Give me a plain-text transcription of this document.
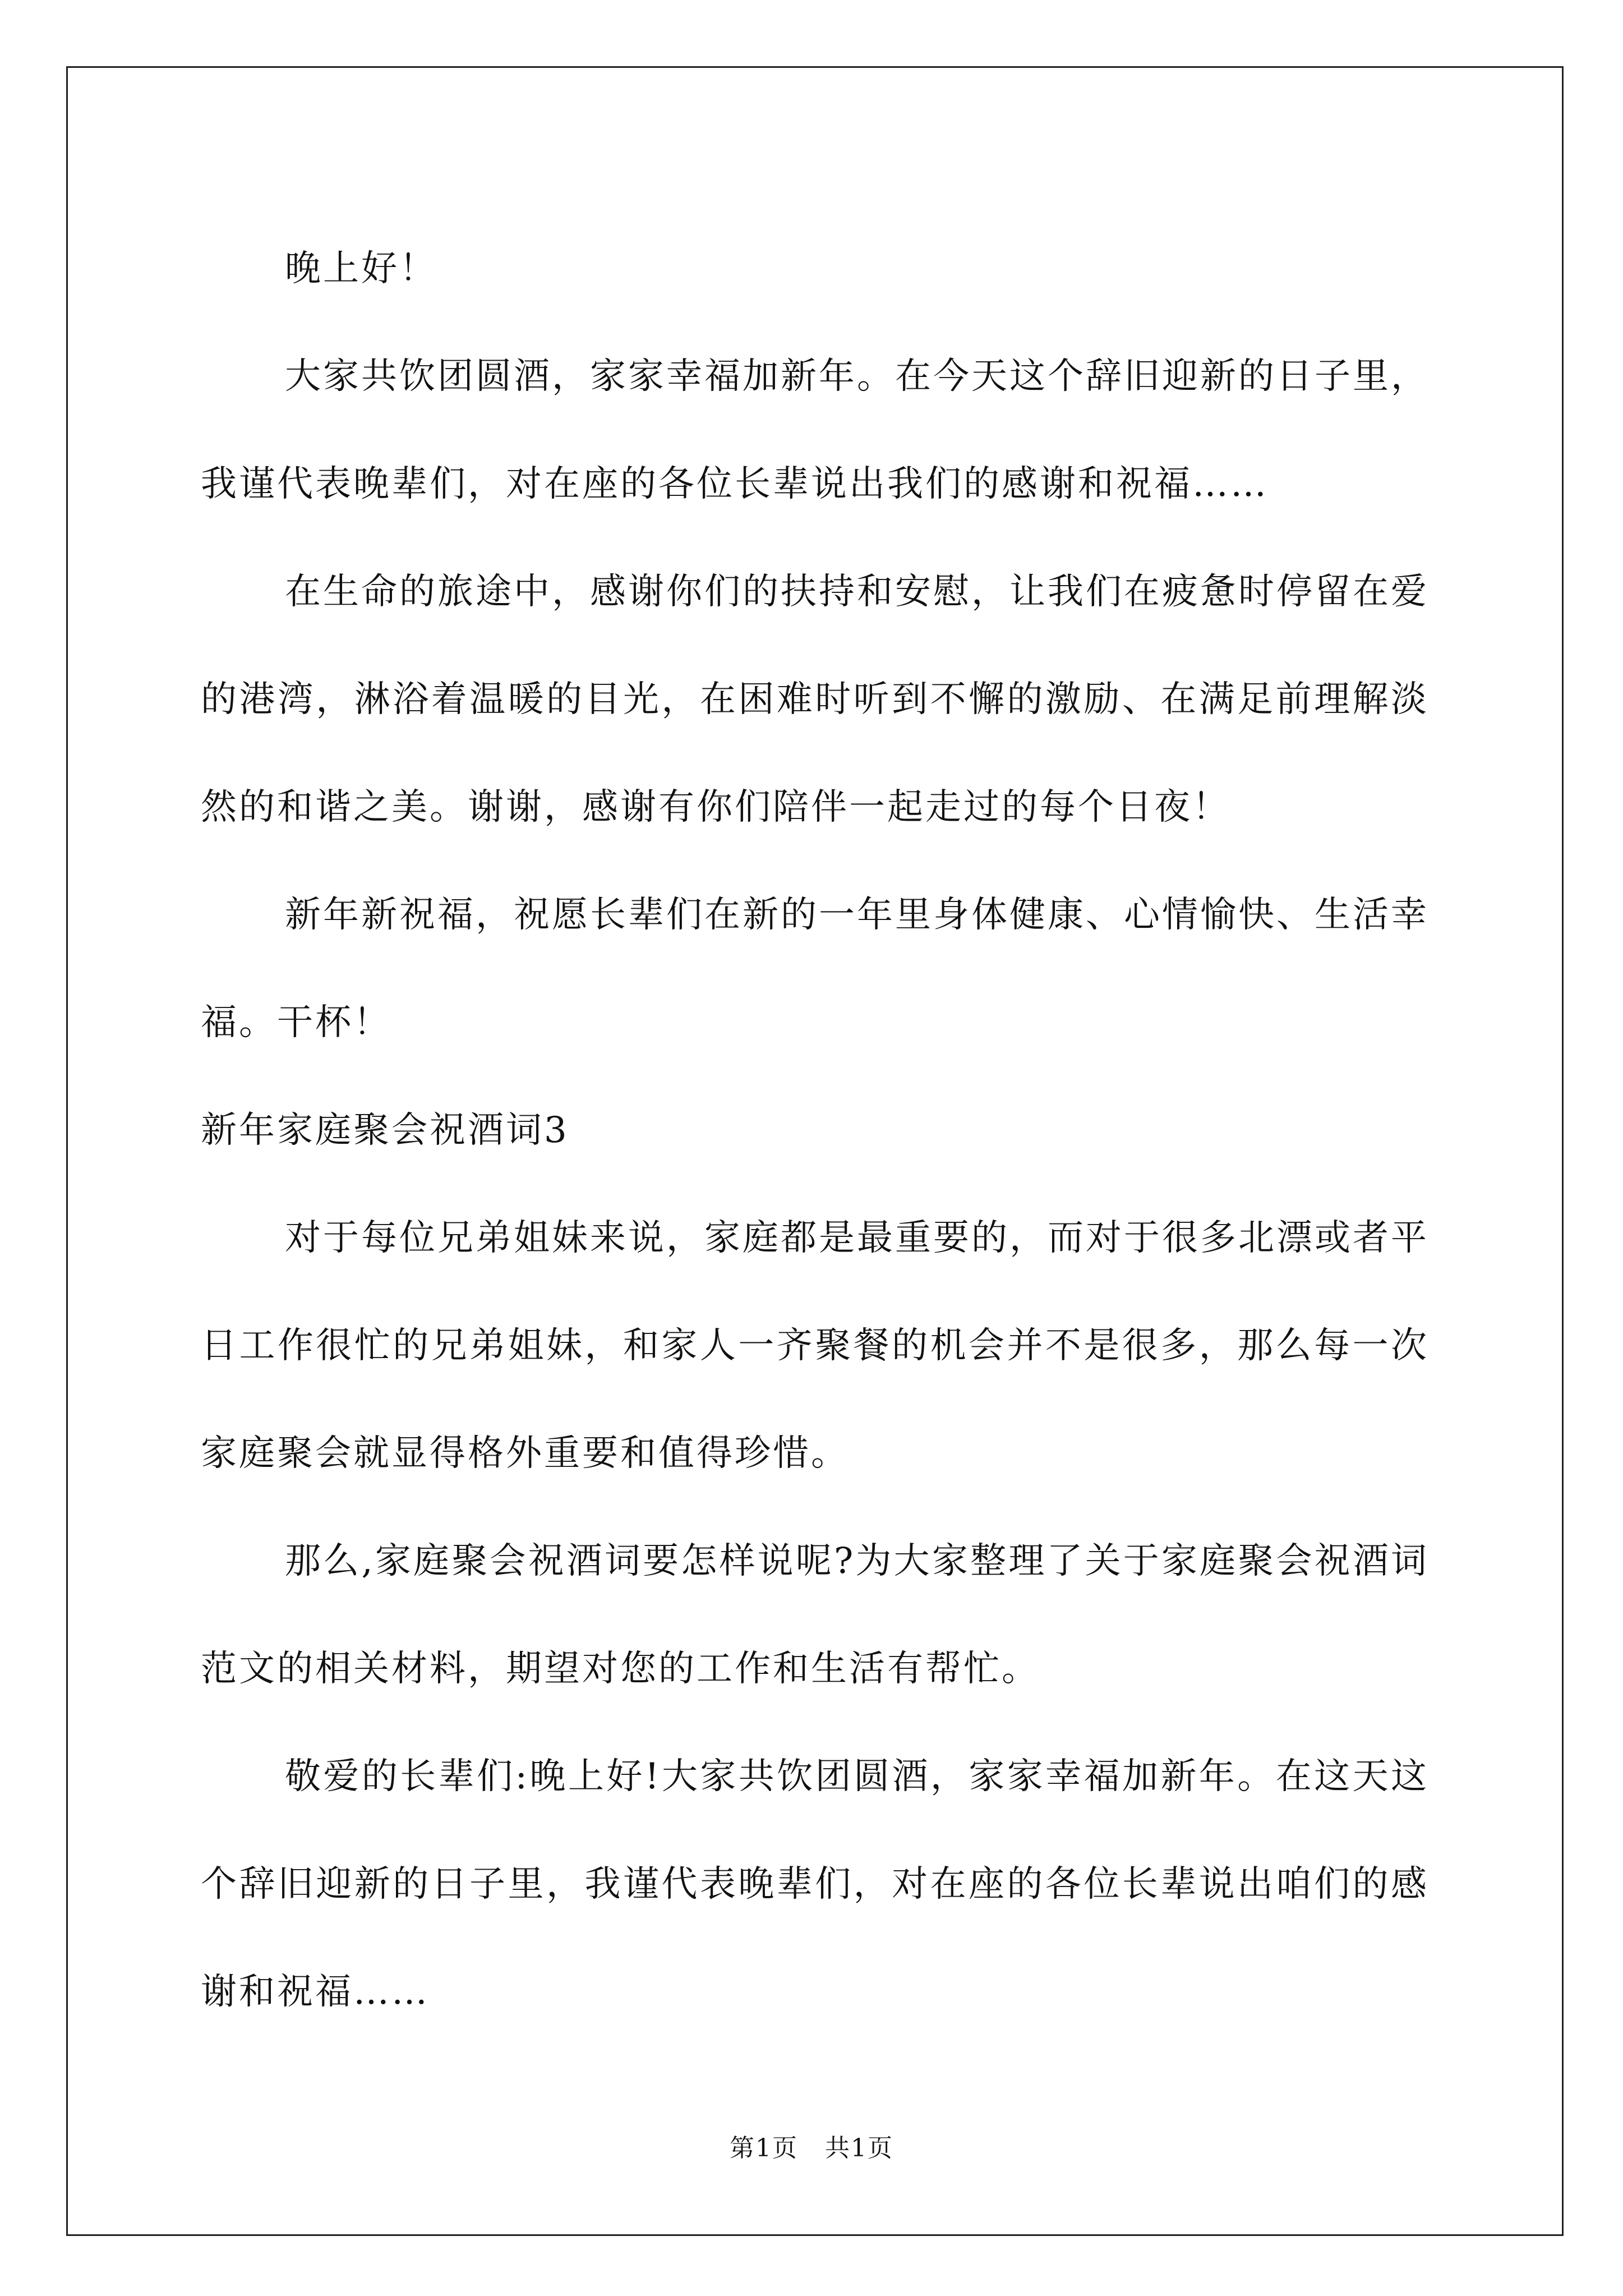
晚上好！

大家共饮团圆酒，家家幸福加新年。在今天这个辞旧迎新的日子里，我谨代表晚辈们，对在座的各位长辈说出我们的感谢和祝福……

在生命的旅途中，感谢你们的扶持和安慰，让我们在疲惫时停留在爱的港湾，淋浴着温暖的目光，在困难时听到不懈的激励、在满足前理解淡然的和谐之美。谢谢，感谢有你们陪伴一起走过的每个日夜！

新年新祝福，祝愿长辈们在新的一年里身体健康、心情愉快、生活幸福。干杯！

新年家庭聚会祝酒词3

对于每位兄弟姐妹来说，家庭都是最重要的，而对于很多北漂或者平日工作很忙的兄弟姐妹，和家人一齐聚餐的机会并不是很多，那么每一次家庭聚会就显得格外重要和值得珍惜。

那么,家庭聚会祝酒词要怎样说呢?为大家整理了关于家庭聚会祝酒词范文的相关材料，期望对您的工作和生活有帮忙。

敬爱的长辈们:晚上好!大家共饮团圆酒，家家幸福加新年。在这天这个辞旧迎新的日子里，我谨代表晚辈们，对在座的各位长辈说出咱们的感谢和祝福……

第1页 共1页
